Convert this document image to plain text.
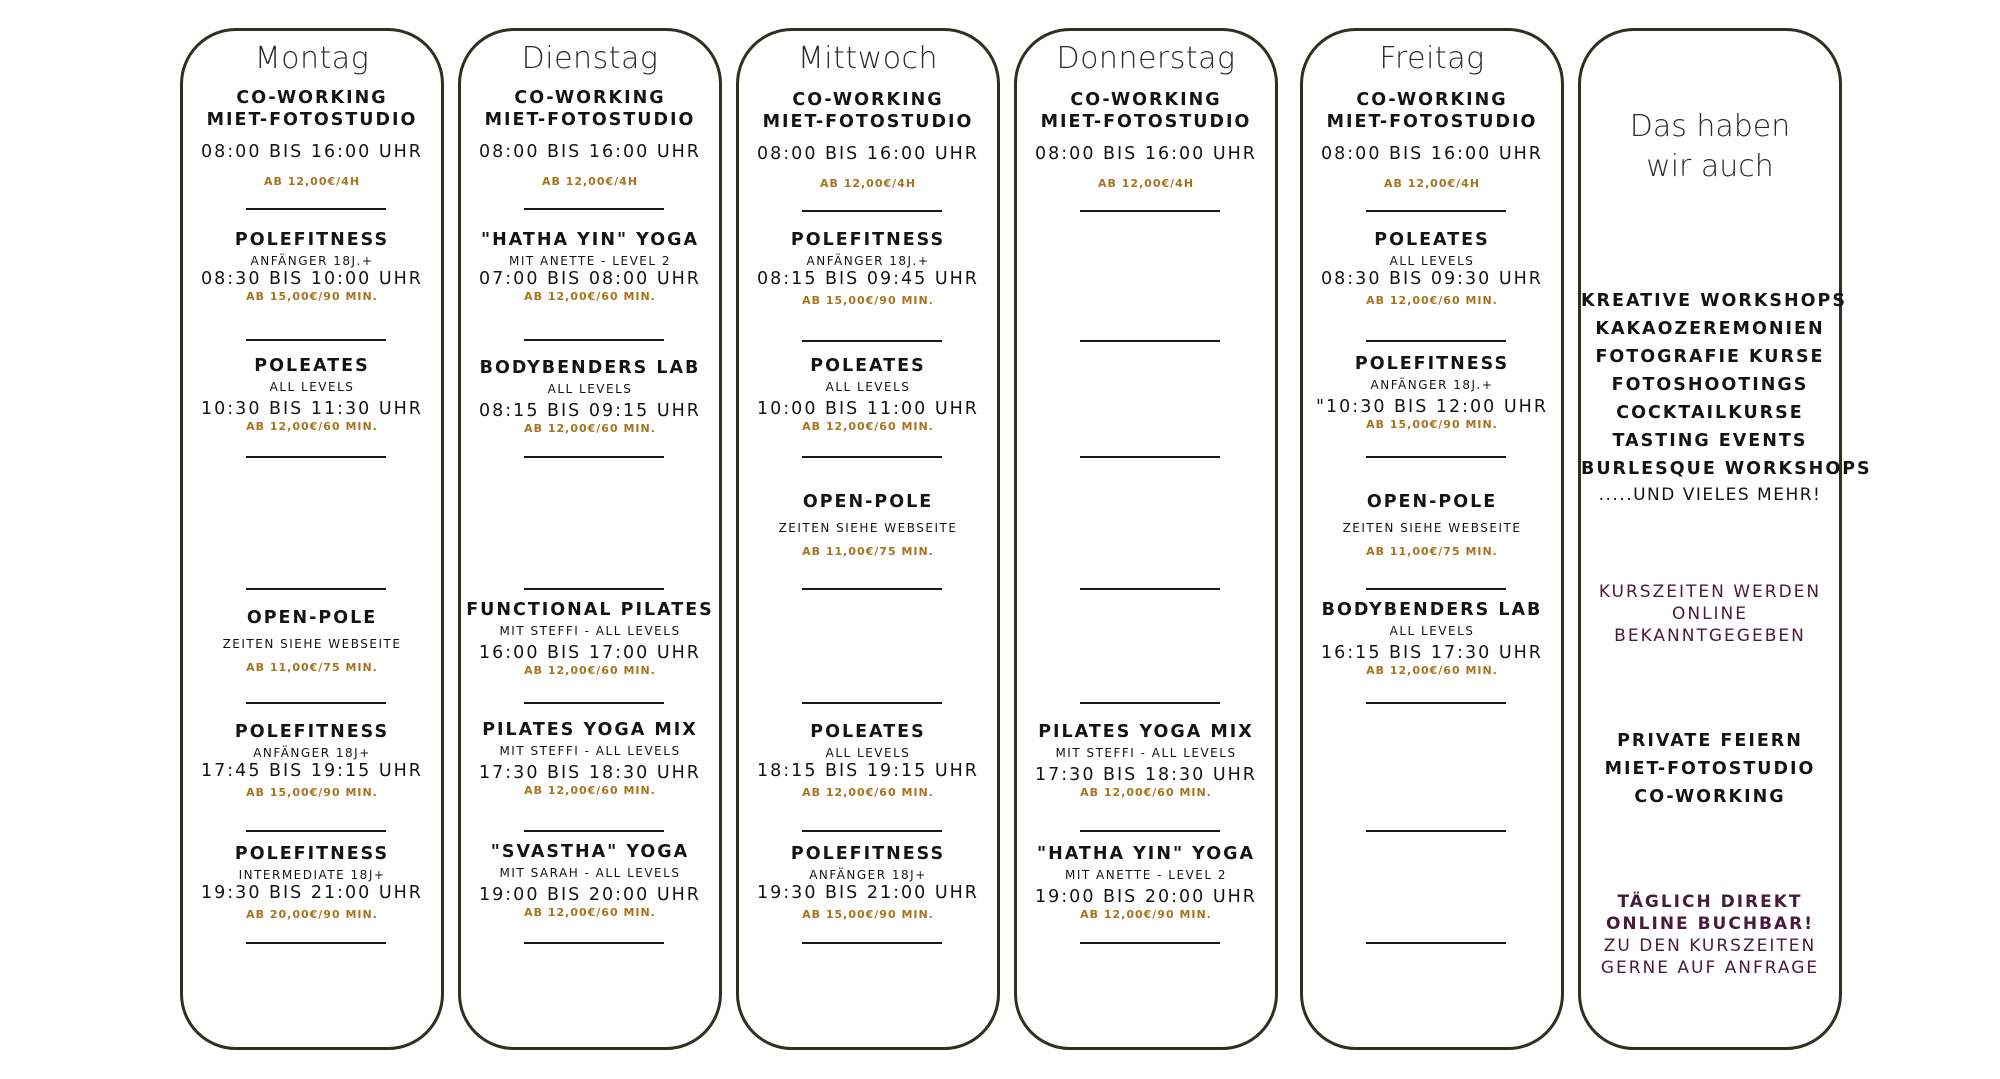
Montag
CO-WORKING
MIET-FOTOSTUDIO
08:00 BIS 16:00 UHR
AB 12,00€/4H
POLEFITNESS
ANFÄNGER 18J.+
08:30 BIS 10:00 UHR
AB 15,00€/90 MIN.
POLEATES
ALL LEVELS
10:30 BIS 11:30 UHR
AB 12,00€/60 MIN.
OPEN-POLE
ZEITEN SIEHE WEBSEITE
AB 11,00€/75 MIN.
POLEFITNESS
ANFÄNGER 18J+
17:45 BIS 19:15 UHR
AB 15,00€/90 MIN.
POLEFITNESS
INTERMEDIATE 18J+
19:30 BIS 21:00 UHR
AB 20,00€/90 MIN.
Dienstag
CO-WORKING
MIET-FOTOSTUDIO
08:00 BIS 16:00 UHR
AB 12,00€/4H
"HATHA YIN" YOGA
MIT ANETTE - LEVEL 2
07:00 BIS 08:00 UHR
AB 12,00€/60 MIN.
BODYBENDERS LAB
ALL LEVELS
08:15 BIS 09:15 UHR
AB 12,00€/60 MIN.
FUNCTIONAL PILATES
MIT STEFFI - ALL LEVELS
16:00 BIS 17:00 UHR
AB 12,00€/60 MIN.
PILATES YOGA MIX
MIT STEFFI - ALL LEVELS
17:30 BIS 18:30 UHR
AB 12,00€/60 MIN.
"SVASTHA" YOGA
MIT SARAH - ALL LEVELS
19:00 BIS 20:00 UHR
AB 12,00€/60 MIN.
Mittwoch
CO-WORKING
MIET-FOTOSTUDIO
08:00 BIS 16:00 UHR
AB 12,00€/4H
POLEFITNESS
ANFÄNGER 18J.+
08:15 BIS 09:45 UHR
AB 15,00€/90 MIN.
POLEATES
ALL LEVELS
10:00 BIS 11:00 UHR
AB 12,00€/60 MIN.
OPEN-POLE
ZEITEN SIEHE WEBSEITE
AB 11,00€/75 MIN.
POLEATES
ALL LEVELS
18:15 BIS 19:15 UHR
AB 12,00€/60 MIN.
POLEFITNESS
ANFÄNGER 18J+
19:30 BIS 21:00 UHR
AB 15,00€/90 MIN.
Donnerstag
CO-WORKING
MIET-FOTOSTUDIO
08:00 BIS 16:00 UHR
AB 12,00€/4H
PILATES YOGA MIX
MIT STEFFI - ALL LEVELS
17:30 BIS 18:30 UHR
AB 12,00€/60 MIN.
"HATHA YIN" YOGA
MIT ANETTE - LEVEL 2
19:00 BIS 20:00 UHR
AB 12,00€/90 MIN.
Freitag
CO-WORKING
MIET-FOTOSTUDIO
08:00 BIS 16:00 UHR
AB 12,00€/4H
POLEATES
ALL LEVELS
08:30 BIS 09:30 UHR
AB 12,00€/60 MIN.
POLEFITNESS
ANFÄNGER 18J.+
"10:30 BIS 12:00 UHR
AB 15,00€/90 MIN.
OPEN-POLE
ZEITEN SIEHE WEBSEITE
AB 11,00€/75 MIN.
BODYBENDERS LAB
ALL LEVELS
16:15 BIS 17:30 UHR
AB 12,00€/60 MIN.
Das haben
wir auch
KREATIVE WORKSHOPS
KAKAOZEREMONIEN
FOTOGRAFIE KURSE
FOTOSHOOTINGS
COCKTAILKURSE
TASTING EVENTS
BURLESQUE WORKSHOPS
.....UND VIELES MEHR!
KURSZEITEN WERDEN
ONLINE
BEKANNTGEGEBEN
PRIVATE FEIERN
MIET-FOTOSTUDIO
CO-WORKING
TÄGLICH DIREKT
ONLINE BUCHBAR!
ZU DEN KURSZEITEN
GERNE AUF ANFRAGE
